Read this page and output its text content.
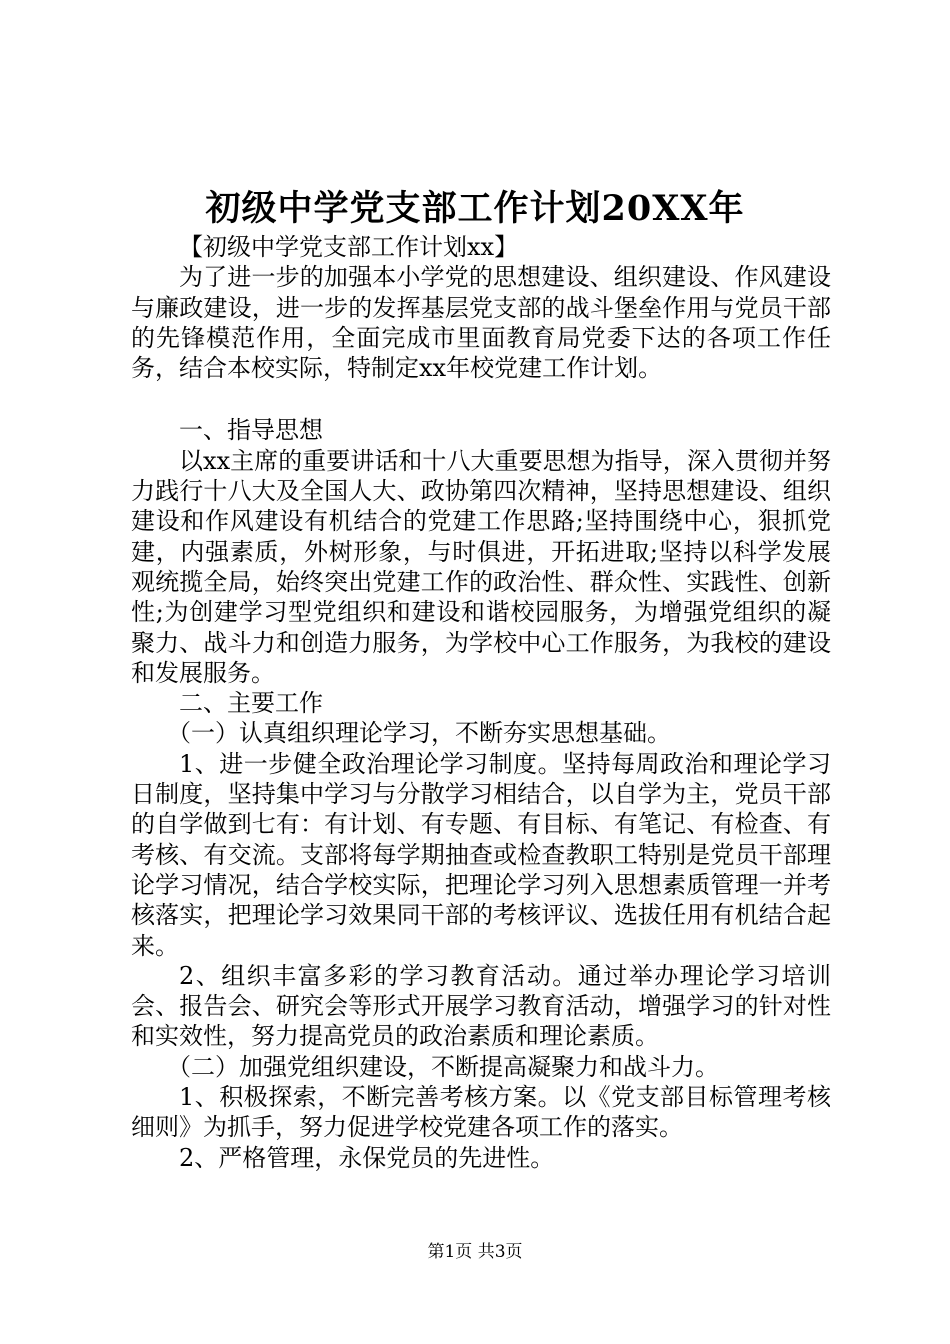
初级中学党支部工作计划20XX年

【初级中学党支部工作计划xx】

为了进一步的加强本小学党的思想建设、组织建设、作风建设与廉政建设，进一步的发挥基层党支部的战斗堡垒作用与党员干部的先锋模范作用，全面完成市里面教育局党委下达的各项工作任务，结合本校实际，特制定xx年校党建工作计划。

一、指导思想

以xx主席的重要讲话和十八大重要思想为指导，深入贯彻并努力践行十八大及全国人大、政协第四次精神，坚持思想建设、组织建设和作风建设有机结合的党建工作思路;坚持围绕中心，狠抓党建，内强素质，外树形象，与时俱进，开拓进取;坚持以科学发展观统揽全局，始终突出党建工作的政治性、群众性、实践性、创新性;为创建学习型党组织和建设和谐校园服务，为增强党组织的凝聚力、战斗力和创造力服务，为学校中心工作服务，为我校的建设和发展服务。

二、主要工作

（一）认真组织理论学习，不断夯实思想基础。

1、进一步健全政治理论学习制度。坚持每周政治和理论学习日制度，坚持集中学习与分散学习相结合，以自学为主，党员干部的自学做到七有：有计划、有专题、有目标、有笔记、有检查、有考核、有交流。支部将每学期抽查或检查教职工特别是党员干部理论学习情况，结合学校实际，把理论学习列入思想素质管理一并考核落实，把理论学习效果同干部的考核评议、选拔任用有机结合起来。

2、组织丰富多彩的学习教育活动。通过举办理论学习培训会、报告会、研究会等形式开展学习教育活动，增强学习的针对性和实效性，努力提高党员的政治素质和理论素质。

（二）加强党组织建设，不断提高凝聚力和战斗力。

1、积极探索，不断完善考核方案。以《党支部目标管理考核细则》为抓手，努力促进学校党建各项工作的落实。

2、严格管理，永保党员的先进性。

第1页 共3页
